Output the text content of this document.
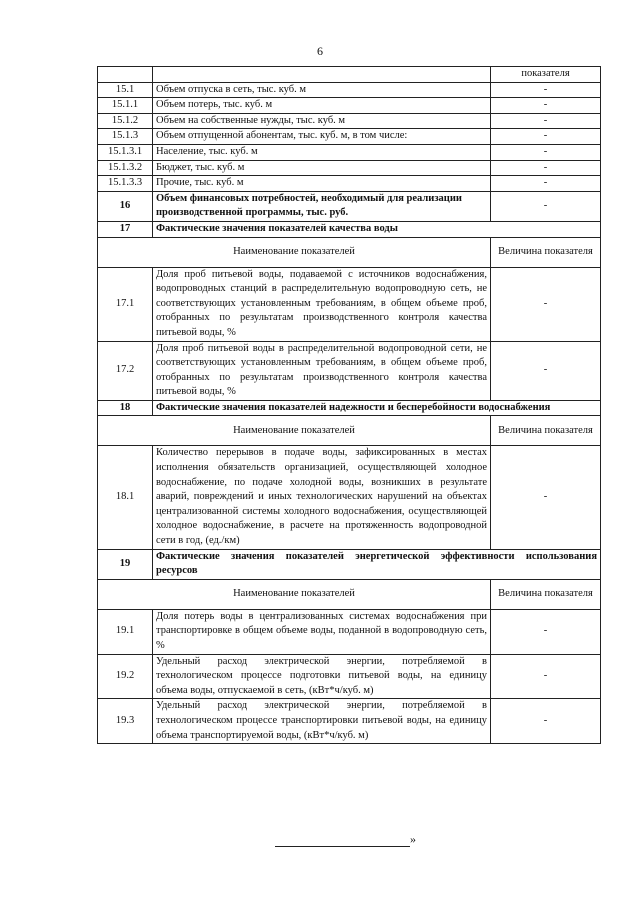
6
		показателя
15.1	Объем отпуска в сеть, тыс. куб. м	-
15.1.1	Объем потерь, тыс. куб. м	-
15.1.2	Объем на собственные нужды, тыс. куб. м	-
15.1.3	Объем отпущенной абонентам, тыс. куб. м, в том числе:	-
15.1.3.1	Население, тыс. куб. м	-
15.1.3.2	Бюджет, тыс. куб. м	-
15.1.3.3	Прочие, тыс. куб. м	-
16	Объем финансовых потребностей, необходимый для реализации производственной программы, тыс. руб.	-
17	Фактические значения показателей качества воды	
Наименование показателей		Величина показателя
17.1	Доля проб питьевой воды, подаваемой с источников водоснабжения, водопроводных станций в распределительную водопроводную сеть, не соответствующих установленным требованиям, в общем объеме проб, отобранных по результатам производственного контроля качества питьевой воды, %	-
17.2	Доля проб питьевой воды в распределительной водопроводной сети, не соответствующих установленным требованиям, в общем объеме проб, отобранных по результатам производственного контроля качества питьевой воды, %	-
18	Фактические значения показателей надежности и бесперебойности водоснабжения	
Наименование показателей		Величина показателя
18.1	Количество перерывов в подаче воды, зафиксированных в местах исполнения обязательств организацией, осуществляющей холодное водоснабжение, по подаче холодной воды, возникших в результате аварий, повреждений и иных технологических нарушений на объектах централизованной системы холодного водоснабжения, осуществляющей холодное водоснабжение, в расчете на протяженность водопроводной сети в год, (ед./км)	-
19	Фактические значения показателей энергетической эффективности использования ресурсов	
Наименование показателей		Величина показателя
19.1	Доля потерь воды в централизованных системах водоснабжения при транспортировке в общем объеме воды, поданной в водопроводную сеть, %	-
19.2	Удельный расход электрической энергии, потребляемой в технологическом процессе подготовки питьевой воды, на единицу объема воды, отпускаемой в сеть, (кВт*ч/куб. м)	-
19.3	Удельный расход электрической энергии, потребляемой в технологическом процессе транспортировки питьевой воды, на единицу объема транспортируемой воды, (кВт*ч/куб. м)	-
»
